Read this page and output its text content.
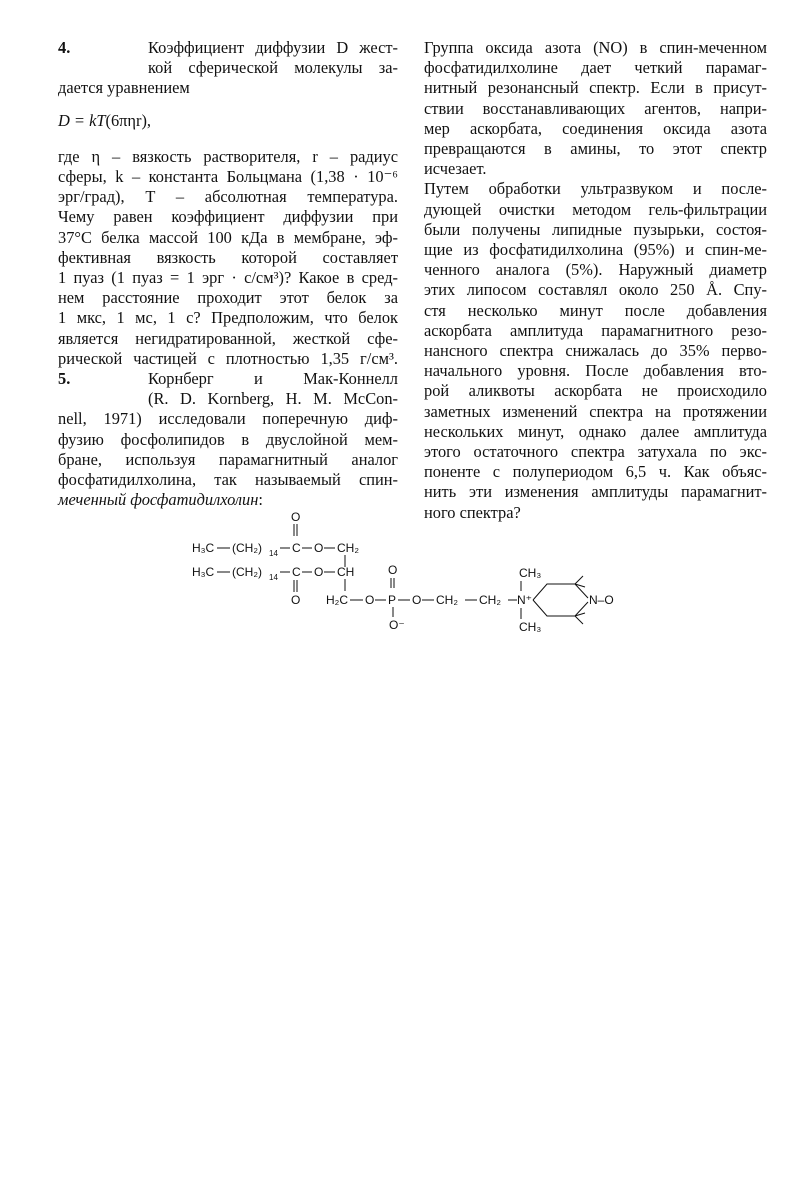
4.	Коэффициент диффузии D жест-
кой сферической молекулы за-
дается уравнением
D = kT(6πηr),
где η – вязкость растворителя, r – радиус
сферы, k – константа Больцмана (1,38 · 10⁻⁶
эрг/град), T – абсолютная температура.
Чему равен коэффициент диффузии при
37°С белка массой 100 кДа в мембране, эф-
фективная вязкость которой составляет
1 пуаз (1 пуаз = 1 эрг · с/см³)? Какое в сред-
нем расстояние проходит этот белок за
1 мкс, 1 мс, 1 с? Предположим, что белок
является негидратированной, жесткой сфе-
рической частицей с плотностью 1,35 г/см³.
5.	Корнберг и Мак-Коннелл
(R. D. Kornberg, H. M. McCon-
nell, 1971) исследовали поперечную диф-
фузию фосфолипидов в двуслойной мем-
бране, используя парамагнитный аналог
фосфатидилхолина, так называемый спин-
меченный фосфатидилхолин:
Группа оксида азота (NO) в спин-меченном
фосфатидилхолине дает четкий парамаг-
нитный резонансный спектр. Если в присут-
ствии восстанавливающих агентов, напри-
мер аскорбата, соединения оксида азота
превращаются в амины, то этот спектр
исчезает.
Путем обработки ультразвуком и после-
дующей очистки методом гель-фильтрации
были получены липидные пузырьки, состоя-
щие из фосфатидилхолина (95%) и спин-ме-
ченного аналога (5%). Наружный диаметр
этих липосом составлял около 250 Å. Спу-
стя несколько минут после добавления
аскорбата амплитуда парамагнитного резо-
нансного спектра снижалась до 35% перво-
начального уровня. После добавления вто-
рой аликвоты аскорбата не происходило
заметных изменений спектра на протяжении
нескольких минут, однако далее амплитуда
этого остаточного спектра затухала по экс-
поненте с полупериодом 6,5 ч. Как объяс-
нить эти изменения амплитуды парамагнит-
ного спектра?
H₃C (CH₂) 14 C
O
O CH₂
H₃C (CH₂) 14 C
O
O CH
H₂C O P
O
O⁻
O CH₂ CH₂ N⁺
CH₃
CH₃
N–O
